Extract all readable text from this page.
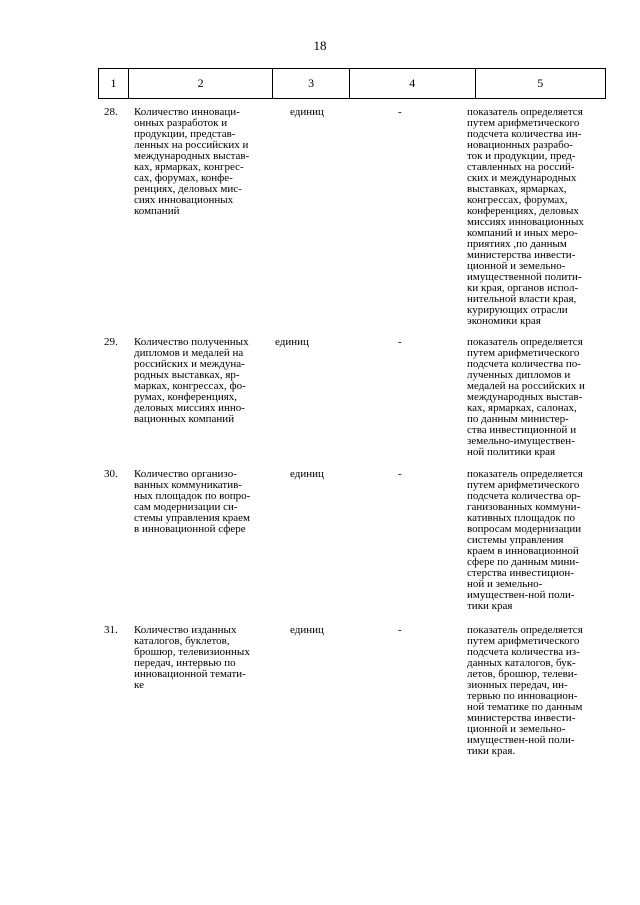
18
1	2	3	4	5
28. Количество инноваци-
онных разработок и
продукции, представ-
ленных на российских и
международных выстав-
ках, ярмарках, конгрес-
сах, форумах, конфе-
ренциях, деловых мис-
сиях инновационных
компаний
единиц	-	показатель определяется
путем арифметического
подсчета количества ин-
новационных разрабо-
ток и продукции, пред-
ставленных на россий-
ских и международных
выставках, ярмарках,
конгрессах, форумах,
конференциях, деловых
миссиях инновационных
компаний и иных меро-
приятиях ,по данным
министерства инвести-
ционной и земельно-
имущественной полити-
ки края, органов испол-
нительной власти края,
курирующих отрасли
экономики края
29. Количество полученных
дипломов и медалей на
российских и междуна-
родных выставках, яр-
марках, конгрессах, фо-
румах, конференциях,
деловых миссиях инно-
вационных компаний
единиц	-	показатель определяется
путем арифметического
подсчета количества по-
лученных дипломов и
медалей на российских и
международных выстав-
ках, ярмарках, салонах,
по данным министер-
ства инвестиционной и
земельно-имуществен-
ной политики края
30. Количество организо-
ванных коммуникатив-
ных площадок по вопро-
сам модернизации си-
стемы управления краем
в инновационной сфере
единиц	-	показатель определяется
путем арифметического
подсчета количества ор-
ганизованных коммуни-
кативных площадок по
вопросам модернизации
системы управления
краем в инновационной
сфере по данным мини-
стерства инвестицион-
ной и земельно-
имуществен-ной поли-
тики края
31. Количество изданных
каталогов, буклетов,
брошюр, телевизионных
передач, интервью по
инновационной темати-
ке
единиц	-	показатель определяется
путем арифметического
подсчета количества из-
данных каталогов, бук-
летов, брошюр, телеви-
зионных передач, ин-
тервью по инновацион-
ной тематике по данным
министерства инвести-
ционной и земельно-
имуществен-ной поли-
тики края.
